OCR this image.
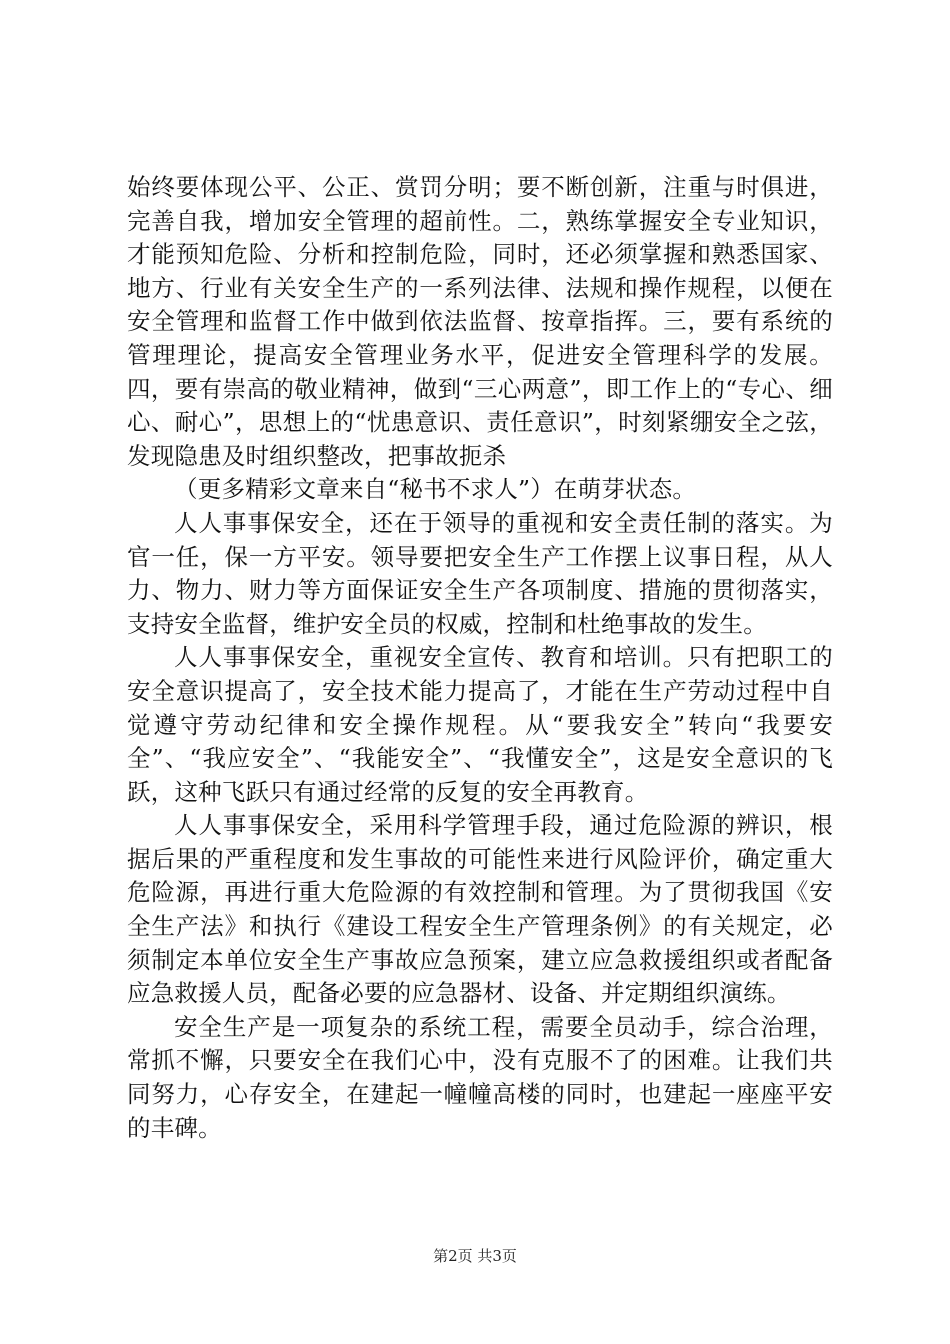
始终要体现公平、公正、赏罚分明；要不断创新，注重与时俱进，完善自我，增加安全管理的超前性。二，熟练掌握安全专业知识，才能预知危险、分析和控制危险，同时，还必须掌握和熟悉国家、地方、行业有关安全生产的一系列法律、法规和操作规程，以便在安全管理和监督工作中做到依法监督、按章指挥。三，要有系统的管理理论，提高安全管理业务水平，促进安全管理科学的发展。四，要有崇高的敬业精神，做到“三心两意”，即工作上的“专心、细心、耐心”，思想上的“忧患意识、责任意识”，时刻紧绷安全之弦，发现隐患及时组织整改，把事故扼杀

（更多精彩文章来自“秘书不求人”）在萌芽状态。

人人事事保安全，还在于领导的重视和安全责任制的落实。为官一任，保一方平安。领导要把安全生产工作摆上议事日程，从人力、物力、财力等方面保证安全生产各项制度、措施的贯彻落实，支持安全监督，维护安全员的权威，控制和杜绝事故的发生。

人人事事保安全，重视安全宣传、教育和培训。只有把职工的安全意识提高了，安全技术能力提高了，才能在生产劳动过程中自觉遵守劳动纪律和安全操作规程。从“要我安全”转向“我要安全”、“我应安全”、“我能安全”、“我懂安全”，这是安全意识的飞跃，这种飞跃只有通过经常的反复的安全再教育。

人人事事保安全，采用科学管理手段，通过危险源的辨识，根据后果的严重程度和发生事故的可能性来进行风险评价，确定重大危险源，再进行重大危险源的有效控制和管理。为了贯彻我国《安全生产法》和执行《建设工程安全生产管理条例》的有关规定，必须制定本单位安全生产事故应急预案，建立应急救援组织或者配备应急救援人员，配备必要的应急器材、设备、并定期组织演练。

安全生产是一项复杂的系统工程，需要全员动手，综合治理，常抓不懈，只要安全在我们心中，没有克服不了的困难。让我们共同努力，心存安全，在建起一幢幢高楼的同时，也建起一座座平安的丰碑。

第2页 共3页
